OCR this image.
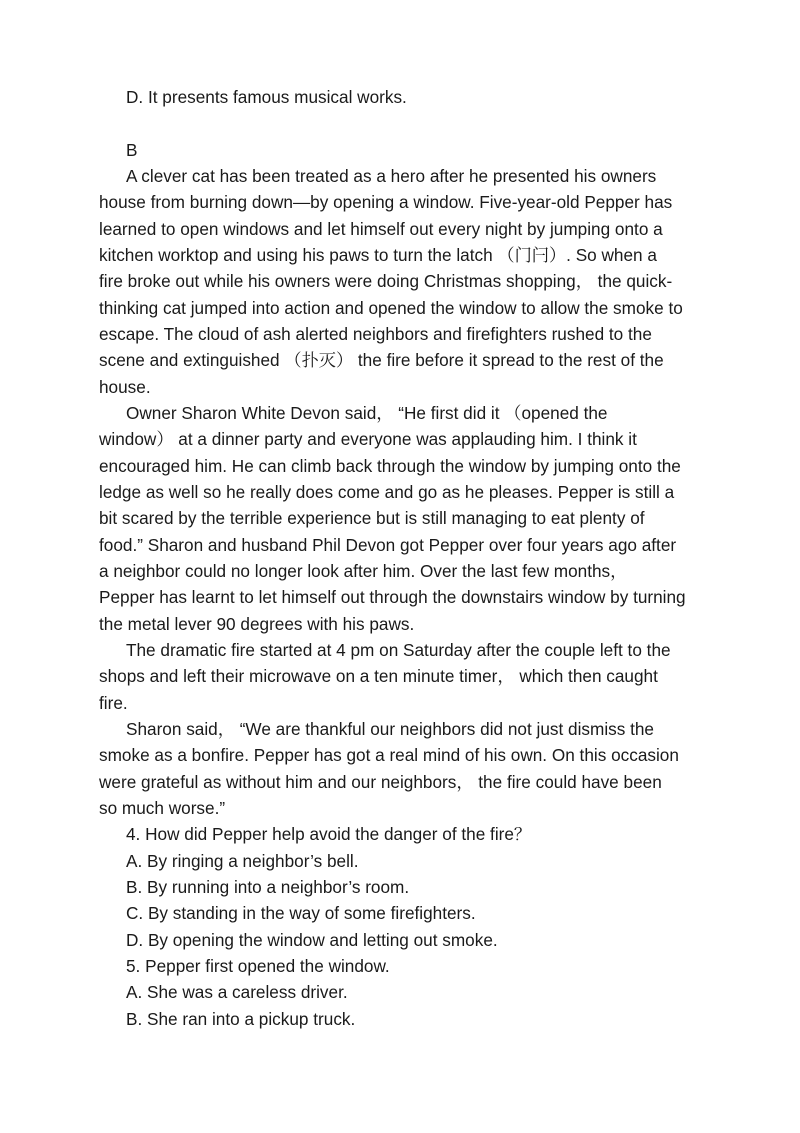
D. It presents famous musical works.
B
A clever cat has been treated as a hero after he presented his owners
house from burning down—by opening a window. Five-year-old Pepper has
learned to open windows and let himself out every night by jumping onto a
kitchen worktop and using his paws to turn the latch （门闩）. So when a
fire broke out while his owners were doing Christmas shopping， the quick-
thinking cat jumped into action and opened the window to allow the smoke to
escape. The cloud of ash alerted neighbors and firefighters rushed to the
scene and extinguished （扑灭） the fire before it spread to the rest of the
house.
Owner Sharon White Devon said， “He first did it （opened the
window） at a dinner party and everyone was applauding him. I think it
encouraged him. He can climb back through the window by jumping onto the
ledge as well so he really does come and go as he pleases. Pepper is still a
bit scared by the terrible experience but is still managing to eat plenty of
food.” Sharon and husband Phil Devon got Pepper over four years ago after
a neighbor could no longer look after him. Over the last few months，
Pepper has learnt to let himself out through the downstairs window by turning
the metal lever 90 degrees with his paws.
The dramatic fire started at 4 pm on Saturday after the couple left to the
shops and left their microwave on a ten minute timer， which then caught
fire.
Sharon said， “We are thankful our neighbors did not just dismiss the
smoke as a bonfire. Pepper has got a real mind of his own. On this occasion
were grateful as without him and our neighbors， the fire could have been
so much worse.”
4. How did Pepper help avoid the danger of the fire？
A. By ringing a neighbor’s bell.
B. By running into a neighbor’s room.
C. By standing in the way of some firefighters.
D. By opening the window and letting out smoke.
5. Pepper first opened the window.
A. She was a careless driver.
B. She ran into a pickup truck.
